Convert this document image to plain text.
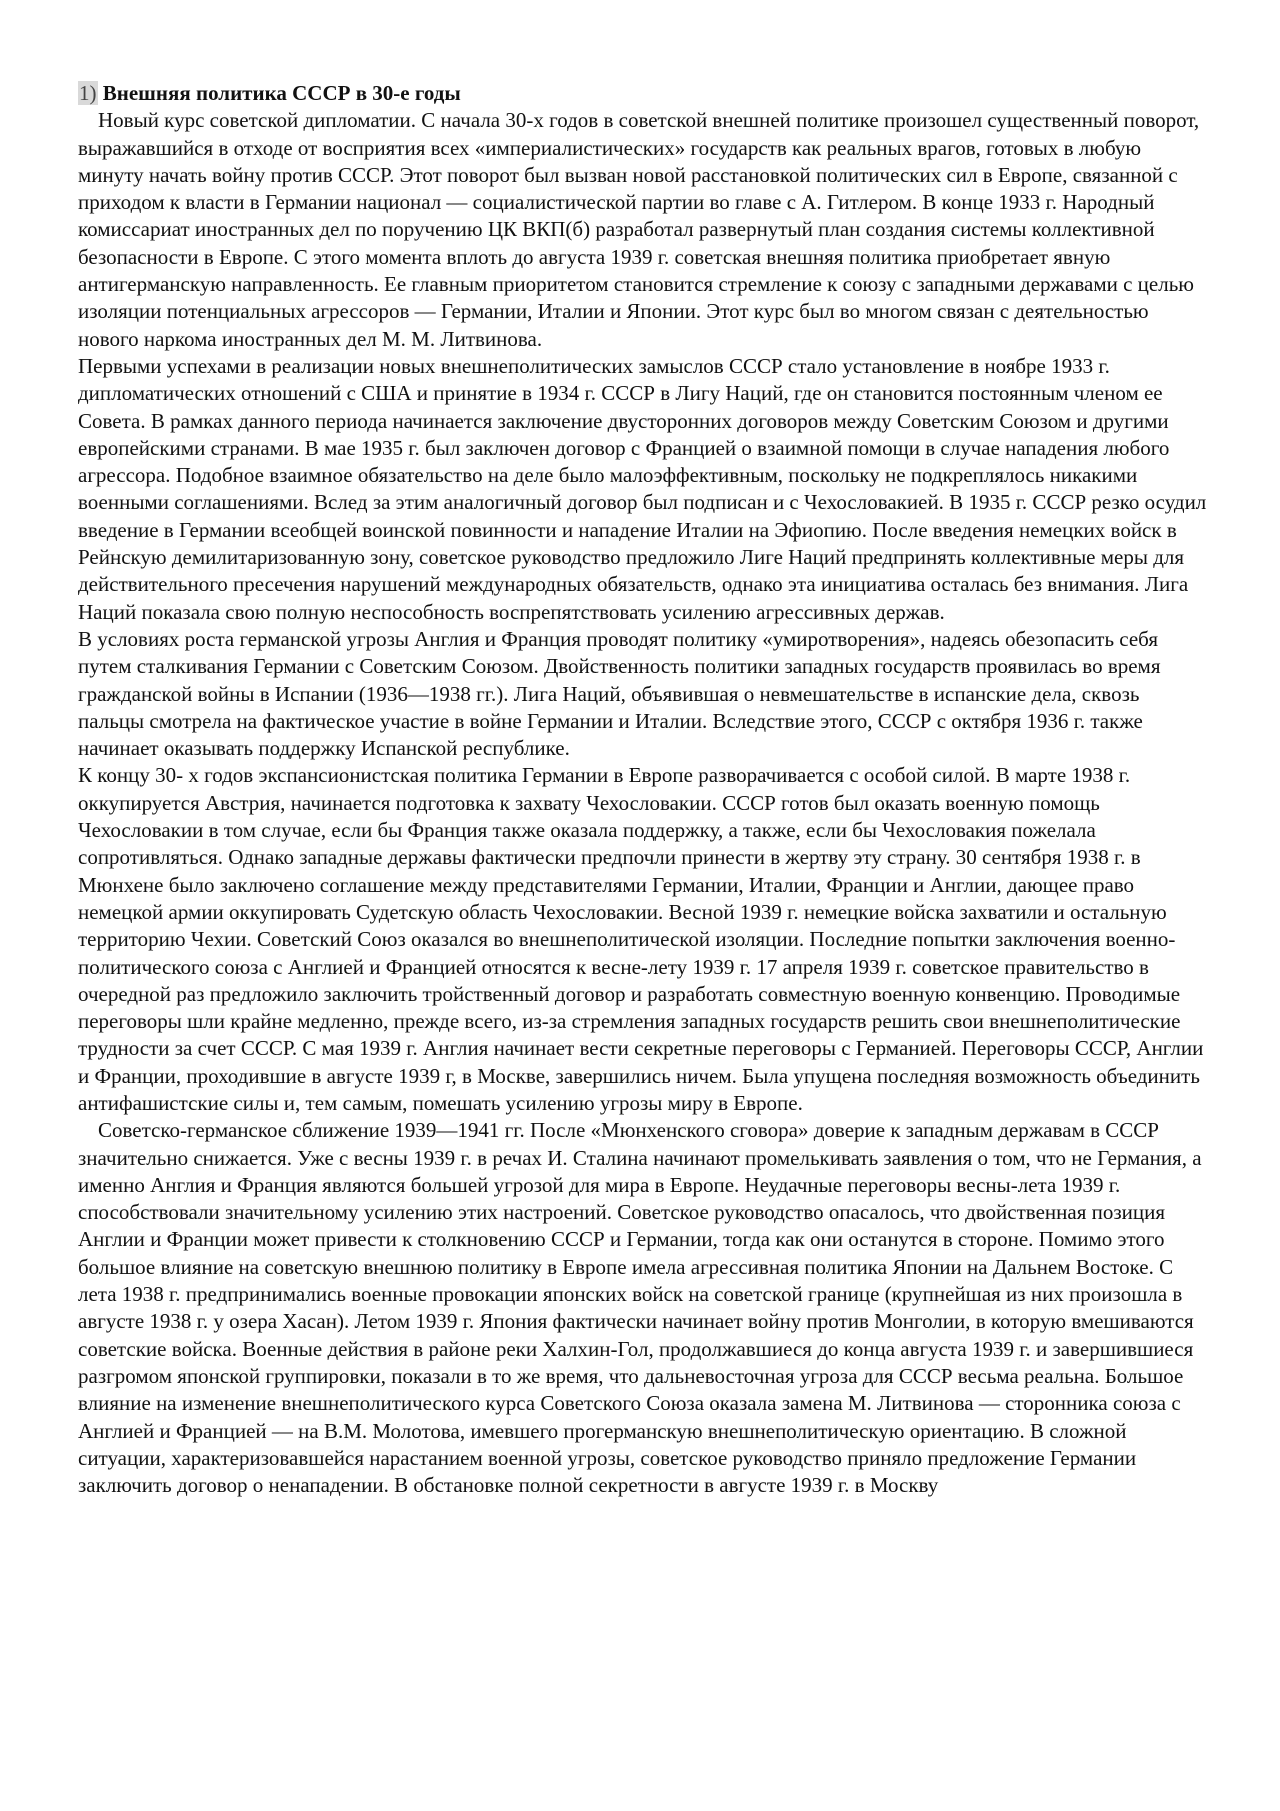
1) Внешняя политика СССР в 30-е годы

Новый курс советской дипломатии. С начала 30-х годов в советской внешней политике произошел существенный поворот, выражавшийся в отходе от восприятия всех «империалистических» государств как реальных врагов, готовых в любую минуту начать войну против СССР. Этот поворот был вызван новой расстановкой политических сил в Европе, связанной с приходом к власти в Германии национал — социалистической партии во главе с А. Гитлером. В конце 1933 г. Народный комиссариат иностранных дел по поручению ЦК ВКП(б) разработал развернутый план создания системы коллективной безопасности в Европе. С этого момента вплоть до августа 1939 г. советская внешняя политика приобретает явную антигерманскую направленность. Ее главным приоритетом становится стремление к союзу с западными державами с целью изоляции потенциальных агрессоров — Германии, Италии и Японии. Этот курс был во многом связан с деятельностью нового наркома иностранных дел М. М. Литвинова.

Первыми успехами в реализации новых внешнеполитических замыслов СССР стало установление в ноябре 1933 г. дипломатических отношений с США и принятие в 1934 г. СССР в Лигу Наций, где он становится постоянным членом ее Совета. В рамках данного периода начинается заключение двусторонних договоров между Советским Союзом и другими европейскими странами. В мае 1935 г. был заключен договор с Францией о взаимной помощи в случае нападения любого агрессора. Подобное взаимное обязательство на деле было малоэффективным, поскольку не подкреплялось никакими военными соглашениями. Вслед за этим аналогичный договор был подписан и с Чехословакией. В 1935 г. СССР резко осудил введение в Германии всеобщей воинской повинности и нападение Италии на Эфиопию. После введения немецких войск в Рейнскую демилитаризованную зону, советское руководство предложило Лиге Наций предпринять коллективные меры для действительного пресечения нарушений международных обязательств, однако эта инициатива осталась без внимания. Лига Наций показала свою полную неспособность воспрепятствовать усилению агрессивных держав.

В условиях роста германской угрозы Англия и Франция проводят политику «умиротворения», надеясь обезопасить себя путем сталкивания Германии с Советским Союзом. Двойственность политики западных государств проявилась во время гражданской войны в Испании (1936—1938 гг.). Лига Наций, объявившая о невмешательстве в испанские дела, сквозь пальцы смотрела на фактическое участие в войне Германии и Италии. Вследствие этого, СССР с октября 1936 г. также начинает оказывать поддержку Испанской республике.

К концу 30- х годов экспансионистская политика Германии в Европе разворачивается с особой силой. В марте 1938 г. оккупируется Австрия, начинается подготовка к захвату Чехословакии. СССР готов был оказать военную помощь Чехословакии в том случае, если бы Франция также оказала поддержку, а также, если бы Чехословакия пожелала сопротивляться. Однако западные державы фактически предпочли принести в жертву эту страну. 30 сентября 1938 г. в Мюнхене было заключено соглашение между представителями Германии, Италии, Франции и Англии, дающее право немецкой армии оккупировать Судетскую область Чехословакии. Весной 1939 г. немецкие войска захватили и остальную территорию Чехии. Советский Союз оказался во внешнеполитической изоляции. Последние попытки заключения военно-политического союза с Англией и Францией относятся к весне-лету 1939 г. 17 апреля 1939 г. советское правительство в очередной раз предложило заключить тройственный договор и разработать совместную военную конвенцию. Проводимые переговоры шли крайне медленно, прежде всего, из-за стремления западных государств решить свои внешнеполитические трудности за счет СССР. С мая 1939 г. Англия начинает вести секретные переговоры с Германией. Переговоры СССР, Англии и Франции, проходившие в августе 1939 г, в Москве, завершились ничем. Была упущена последняя возможность объединить антифашистские силы и, тем самым, помешать усилению угрозы миру в Европе.

Советско-германское сближение 1939—1941 гг. После «Мюнхенского сговора» доверие к западным державам в СССР значительно снижается. Уже с весны 1939 г. в речах И. Сталина начинают промелькивать заявления о том, что не Германия, а именно Англия и Франция являются большей угрозой для мира в Европе. Неудачные переговоры весны-лета 1939 г. способствовали значительному усилению этих настроений. Советское руководство опасалось, что двойственная позиция Англии и Франции может привести к столкновению СССР и Германии, тогда как они останутся в стороне. Помимо этого большое влияние на советскую внешнюю политику в Европе имела агрессивная политика Японии на Дальнем Востоке. С лета 1938 г. предпринимались военные провокации японских войск на советской границе (крупнейшая из них произошла в августе 1938 г. у озера Хасан). Летом 1939 г. Япония фактически начинает войну против Монголии, в которую вмешиваются советские войска. Военные действия в районе реки Халхин-Гол, продолжавшиеся до конца августа 1939 г. и завершившиеся разгромом японской группировки, показали в то же время, что дальневосточная угроза для СССР весьма реальна. Большое влияние на изменение внешнеполитического курса Советского Союза оказала замена М. Литвинова — сторонника союза с Англией и Францией — на В.М. Молотова, имевшего прогерманскую внешнеполитическую ориентацию. В сложной ситуации, характеризовавшейся нарастанием военной угрозы, советское руководство приняло предложение Германии заключить договор о ненападении. В обстановке полной секретности в августе 1939 г. в Москву
